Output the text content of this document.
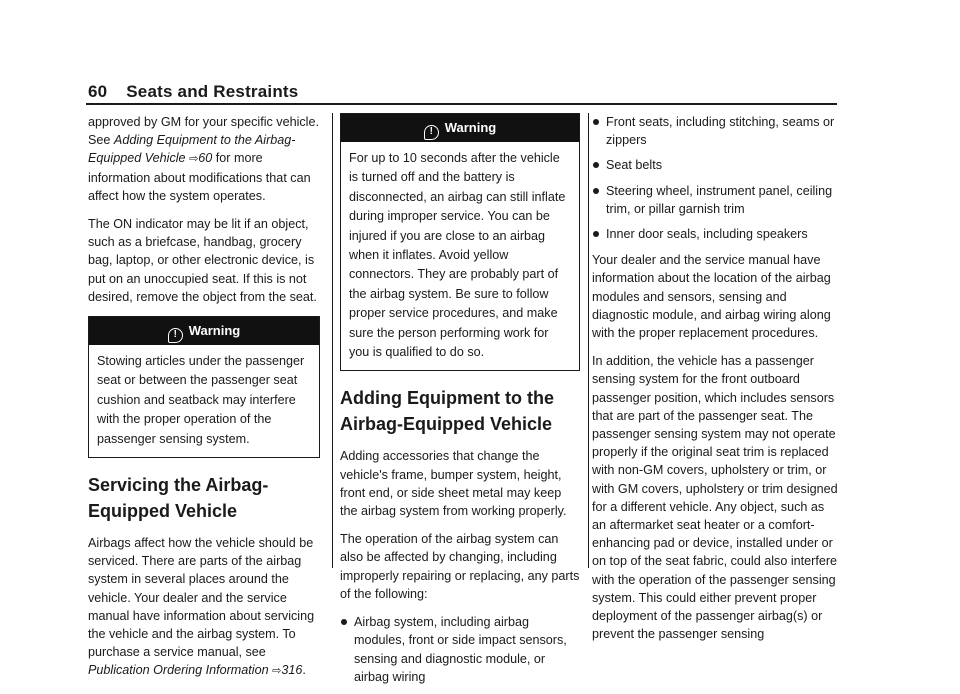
60 Seats and Restraints

approved by GM for your specific vehicle. See Adding Equipment to the Airbag-Equipped Vehicle ⇨60 for more information about modifications that can affect how the system operates.

The ON indicator may be lit if an object, such as a briefcase, handbag, grocery bag, laptop, or other electronic device, is put on an unoccupied seat. If this is not desired, remove the object from the seat.

! Warning
Stowing articles under the passenger seat or between the passenger seat cushion and seatback may interfere with the proper operation of the passenger sensing system.
Servicing the Airbag-Equipped Vehicle

Airbags affect how the vehicle should be serviced. There are parts of the airbag system in several places around the vehicle. Your dealer and the service manual have information about servicing the vehicle and the airbag system. To purchase a service manual, see Publication Ordering Information ⇨316.

! Warning
For up to 10 seconds after the vehicle is turned off and the battery is disconnected, an airbag can still inflate during improper service. You can be injured if you are close to an airbag when it inflates. Avoid yellow connectors. They are probably part of the airbag system. Be sure to follow proper service procedures, and make sure the person performing work for you is qualified to do so.
Adding Equipment to the Airbag-Equipped Vehicle

Adding accessories that change the vehicle's frame, bumper system, height, front end, or side sheet metal may keep the airbag system from working properly.

The operation of the airbag system can also be affected by changing, including improperly repairing or replacing, any parts of the following:

Airbag system, including airbag modules, front or side impact sensors, sensing and diagnostic module, or airbag wiring
Front seats, including stitching, seams or zippers
Seat belts
Steering wheel, instrument panel, ceiling trim, or pillar garnish trim
Inner door seals, including speakers

Your dealer and the service manual have information about the location of the airbag modules and sensors, sensing and diagnostic module, and airbag wiring along with the proper replacement procedures.

In addition, the vehicle has a passenger sensing system for the front outboard passenger position, which includes sensors that are part of the passenger seat. The passenger sensing system may not operate properly if the original seat trim is replaced with non-GM covers, upholstery or trim, or with GM covers, upholstery or trim designed for a different vehicle. Any object, such as an aftermarket seat heater or a comfort-enhancing pad or device, installed under or on top of the seat fabric, could also interfere with the operation of the passenger sensing system. This could either prevent proper deployment of the passenger airbag(s) or prevent the passenger sensing
